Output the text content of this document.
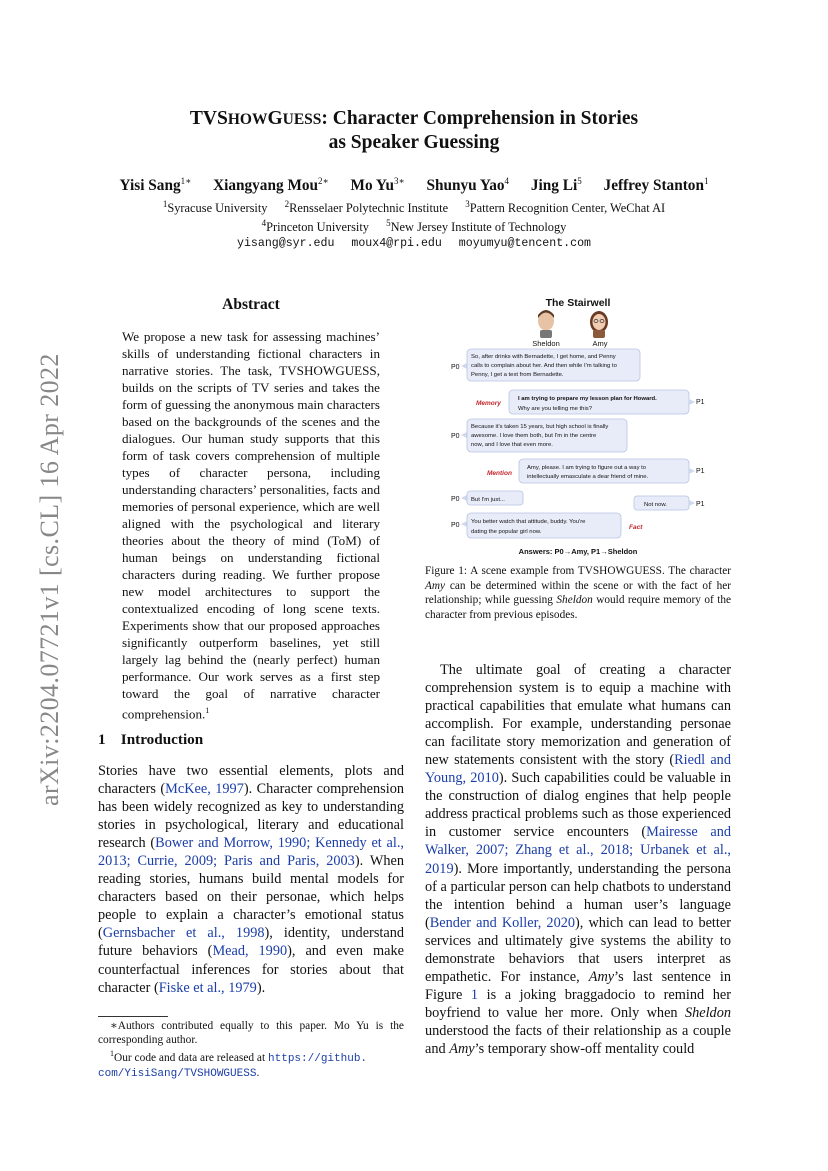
TVSHOWGUESS: Character Comprehension in Stories
as Speaker Guessing
Yisi Sang$^{1∗}$ Xiangyang Mou$^{2∗}$ Mo $Yu^{3∗}$ Shunyu Yao$^4$ Jing Li$^5$ Jeffrey Stanton$^1$
$^1$Syracuse University $^2$Rensselaer Polytechnic Institute $^3$Pattern Recognition Center, WeChat AI
$^4$Princeton University $^5$New Jersey Institute of Technology
yisang@syr.edu moux4@rpi.edu moyumyu@tencent.com
arXiv:2204.07721v1 [cs.CL] 16 Apr 2022
Abstract
We propose a new task for assessing machines’ skills of understanding fictional characters in narrative stories. The task, TVSHOWGUESS, builds on the scripts of TV series and takes the form of guessing the anonymous main characters based on the backgrounds of the scenes and the dialogues. Our human study supports that this form of task covers comprehension of multiple types of character persona, including understanding characters’ personalities, facts and memories of personal experience, which are well aligned with the psychological and literary theories about the theory of mind (ToM) of human beings on understanding fictional characters during reading. We further propose new model architectures to support the contextualized encoding of long scene texts. Experiments show that our proposed approaches significantly outperform baselines, yet still largely lag behind the (nearly perfect) human performance. Our work serves as a first step toward the goal of narrative character comprehension.$^1$
1 Introduction
Stories have two essential elements, plots and characters (McKee, 1997). Character comprehension has been widely recognized as key to understanding stories in psychological, literary and educational research (Bower and Morrow, 1990; Kennedy et al., 2013; Currie, 2009; Paris and Paris, 2003). When reading stories, humans build mental models for characters based on their personae, which helps people to explain a character’s emotional status (Gernsbacher et al., 1998), identity, understand future behaviors (Mead, 1990), and even make counterfactual inferences for stories about that character (Fiske et al., 1979).
∗Authors contributed equally to this paper. Mo Yu is the corresponding author.
$^1$Our code and data are released at https://github.
com/YisiSang/TVSHOWGUESS.
The Stairwell
Sheldon	Amy
P0
So, after drinks with Bernadette, I get home, and Penny calls to complain about her. And then while I'm talking to Penny, I get a text from Bernadette.
Memory	P1
I am trying to prepare my lesson plan for Howard. Why are you telling me this?
P0
Because it's taken 15 years, but high school is finally awesome. I love them both, but I'm in the centre now, and I love that even more.
Mention	P1
Amy, please. I am trying to figure out a way to intellectually emasculate a dear friend of mine.
P0 But I'm just...
P1
Not now.
P0 You better watch that attitude, buddy. You're dating the popular girl now.
Fact
Answers: P0→Amy, P1→Sheldon
Figure 1: A scene example from TVSHOWGUESS. The character Amy can be determined within the scene or with the fact of her relationship; while guessing Sheldon would require memory of the character from previous episodes.
The ultimate goal of creating a character comprehension system is to equip a machine with practical capabilities that emulate what humans can accomplish. For example, understanding personae can facilitate story memorization and generation of new statements consistent with the story (Riedl and Young, 2010). Such capabilities could be valuable in the construction of dialog engines that help people address practical problems such as those experienced in customer service encounters (Mairesse and Walker, 2007; Zhang et al., 2018; Urbanek et al., 2019). More importantly, understanding the persona of a particular person can help chatbots to understand the intention behind a human user’s language (Bender and Koller, 2020), which can lead to better services and ultimately give systems the ability to demonstrate behaviors that users interpret as empathetic. For instance, Amy’s last sentence in Figure 1 is a joking braggadocio to remind her boyfriend to value her more. Only when Sheldon understood the facts of their relationship as a couple and Amy’s temporary show-off mentality could
